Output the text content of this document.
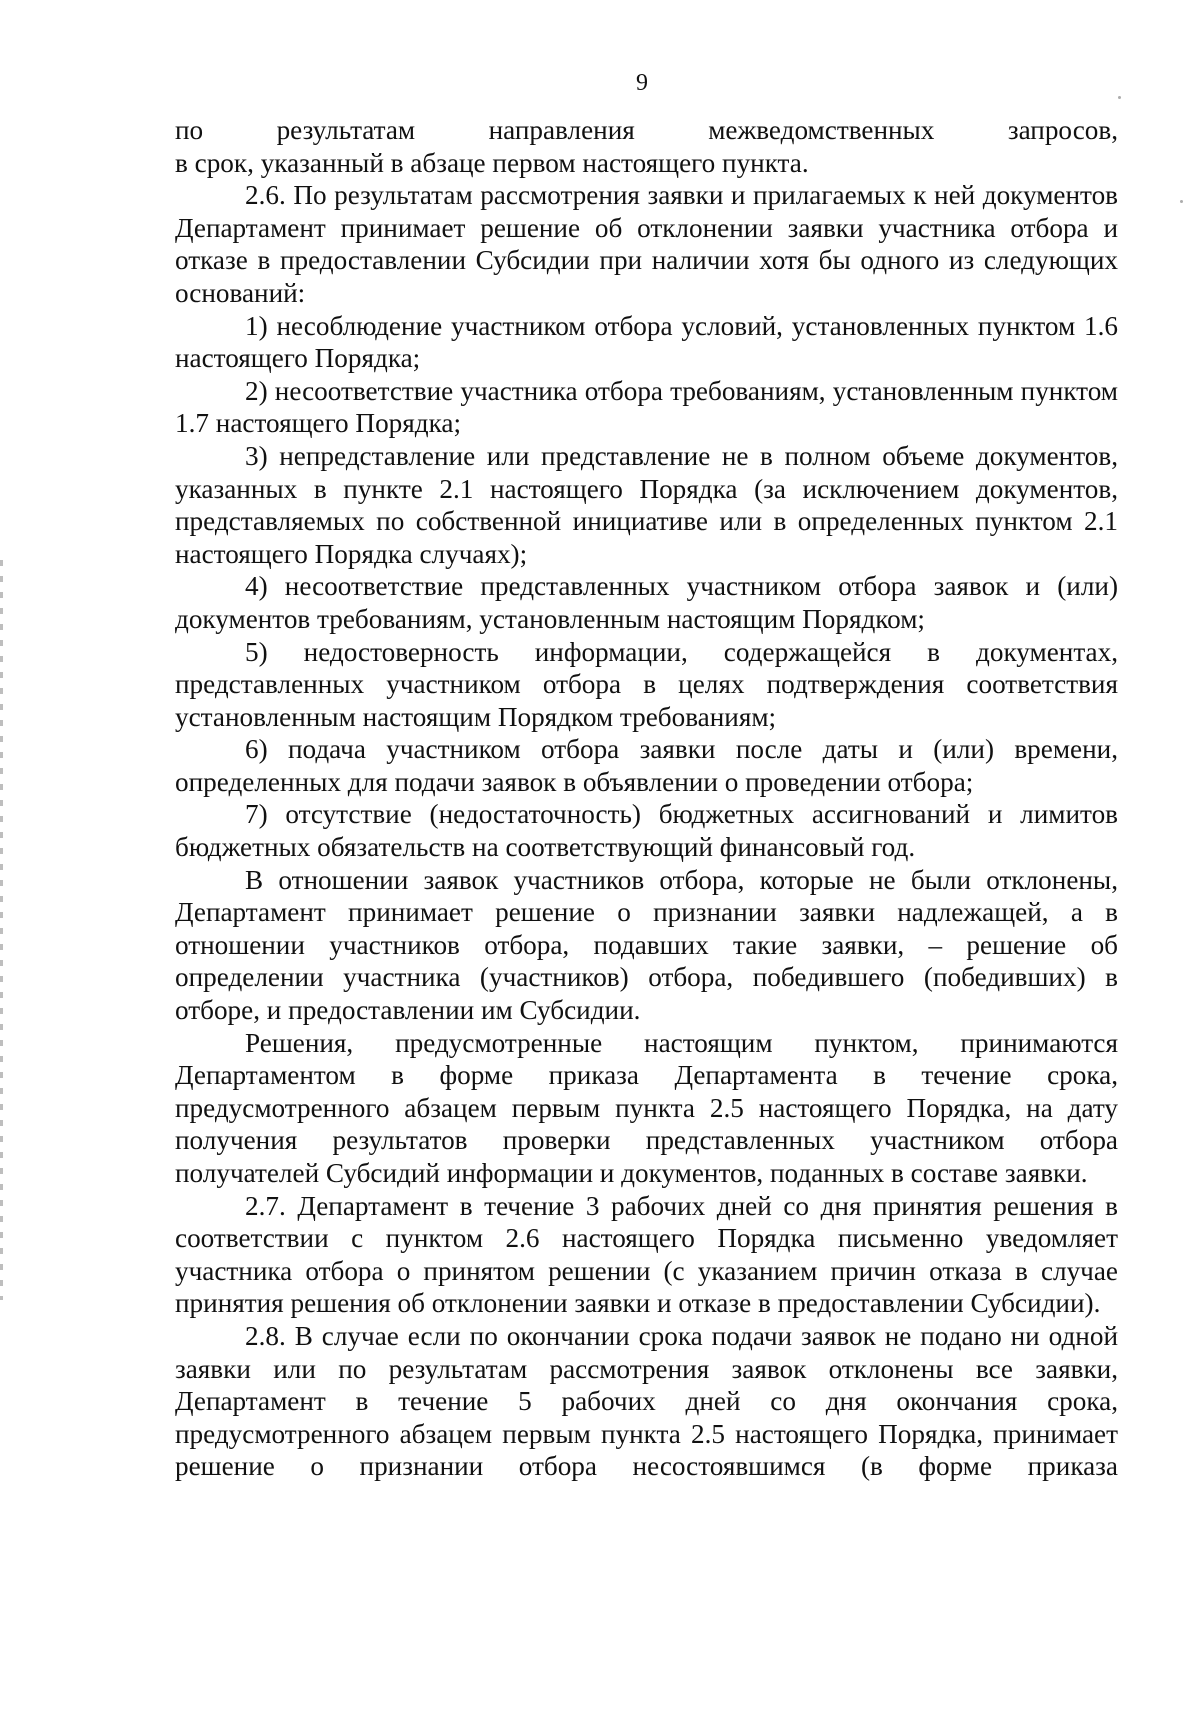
9

по результатам направления межведомственных запросов,
в срок, указанный в абзаце первом настоящего пункта.

2.6. По результатам рассмотрения заявки и прилагаемых к ней документов Департамент принимает решение об отклонении заявки участника отбора и отказе в предоставлении Субсидии при наличии хотя бы одного из следующих оснований:

1) несоблюдение участником отбора условий, установленных пунктом 1.6 настоящего Порядка;

2) несоответствие участника отбора требованиям, установленным пунктом 1.7 настоящего Порядка;

3) непредставление или представление не в полном объеме документов, указанных в пункте 2.1 настоящего Порядка (за исключением документов, представляемых по собственной инициативе или в определенных пунктом 2.1 настоящего Порядка случаях);

4) несоответствие представленных участником отбора заявок и (или) документов требованиям, установленным настоящим Порядком;

5) недостоверность информации, содержащейся в документах, представленных участником отбора в целях подтверждения соответствия установленным настоящим Порядком требованиям;

6) подача участником отбора заявки после даты и (или) времени, определенных для подачи заявок в объявлении о проведении отбора;

7) отсутствие (недостаточность) бюджетных ассигнований и лимитов бюджетных обязательств на соответствующий финансовый год.

В отношении заявок участников отбора, которые не были отклонены, Департамент принимает решение о признании заявки надлежащей, а в отношении участников отбора, подавших такие заявки, – решение об определении участника (участников) отбора, победившего (победивших) в отборе, и предоставлении им Субсидии.

Решения, предусмотренные настоящим пунктом, принимаются Департаментом в форме приказа Департамента в течение срока, предусмотренного абзацем первым пункта 2.5 настоящего Порядка, на дату получения результатов проверки представленных участником отбора получателей Субсидий информации и документов, поданных в составе заявки.

2.7. Департамент в течение 3 рабочих дней со дня принятия решения в соответствии с пунктом 2.6 настоящего Порядка письменно уведомляет участника отбора о принятом решении (с указанием причин отказа в случае принятия решения об отклонении заявки и отказе в предоставлении Субсидии).

2.8. В случае если по окончании срока подачи заявок не подано ни одной заявки или по результатам рассмотрения заявок отклонены все заявки, Департамент в течение 5 рабочих дней со дня окончания срока, предусмотренного абзацем первым пункта 2.5 настоящего Порядка, принимает решение о признании отбора несостоявшимся (в форме приказа
